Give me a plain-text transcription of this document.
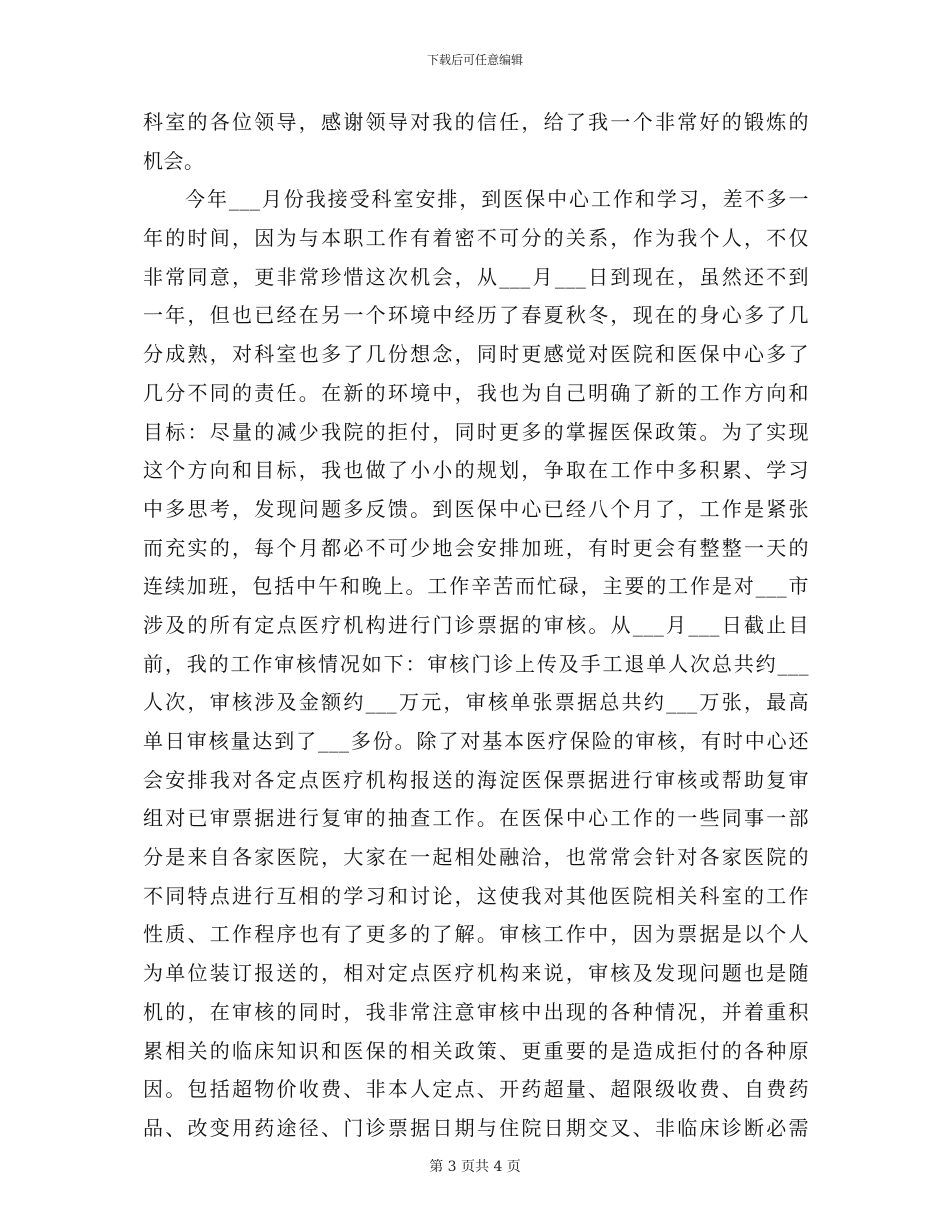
下载后可任意编辑
科室的各位领导，感谢领导对我的信任，给了我一个非常好的锻炼的
机会。
今年___月份我接受科室安排，到医保中心工作和学习，差不多一
年的时间，因为与本职工作有着密不可分的关系，作为我个人，不仅
非常同意，更非常珍惜这次机会，从___月___日到现在，虽然还不到
一年，但也已经在另一个环境中经历了春夏秋冬，现在的身心多了几
分成熟，对科室也多了几份想念，同时更感觉对医院和医保中心多了
几分不同的责任。在新的环境中，我也为自己明确了新的工作方向和
目标：尽量的减少我院的拒付，同时更多的掌握医保政策。为了实现
这个方向和目标，我也做了小小的规划，争取在工作中多积累、学习
中多思考，发现问题多反馈。到医保中心已经八个月了，工作是紧张
而充实的，每个月都必不可少地会安排加班，有时更会有整整一天的
连续加班，包括中午和晚上。工作辛苦而忙碌，主要的工作是对___市
涉及的所有定点医疗机构进行门诊票据的审核。从___月___日截止目
前，我的工作审核情况如下：审核门诊上传及手工退单人次总共约___
人次，审核涉及金额约___万元，审核单张票据总共约___万张，最高
单日审核量达到了___多份。除了对基本医疗保险的审核，有时中心还
会安排我对各定点医疗机构报送的海淀医保票据进行审核或帮助复审
组对已审票据进行复审的抽查工作。在医保中心工作的一些同事一部
分是来自各家医院，大家在一起相处融洽，也常常会针对各家医院的
不同特点进行互相的学习和讨论，这使我对其他医院相关科室的工作
性质、工作程序也有了更多的了解。审核工作中，因为票据是以个人
为单位装订报送的，相对定点医疗机构来说，审核及发现问题也是随
机的，在审核的同时，我非常注意审核中出现的各种情况，并着重积
累相关的临床知识和医保的相关政策、更重要的是造成拒付的各种原
因。包括超物价收费、非本人定点、开药超量、超限级收费、自费药
品、改变用药途径、门诊票据日期与住院日期交叉、非临床诊断必需
第 3 页共 4 页
